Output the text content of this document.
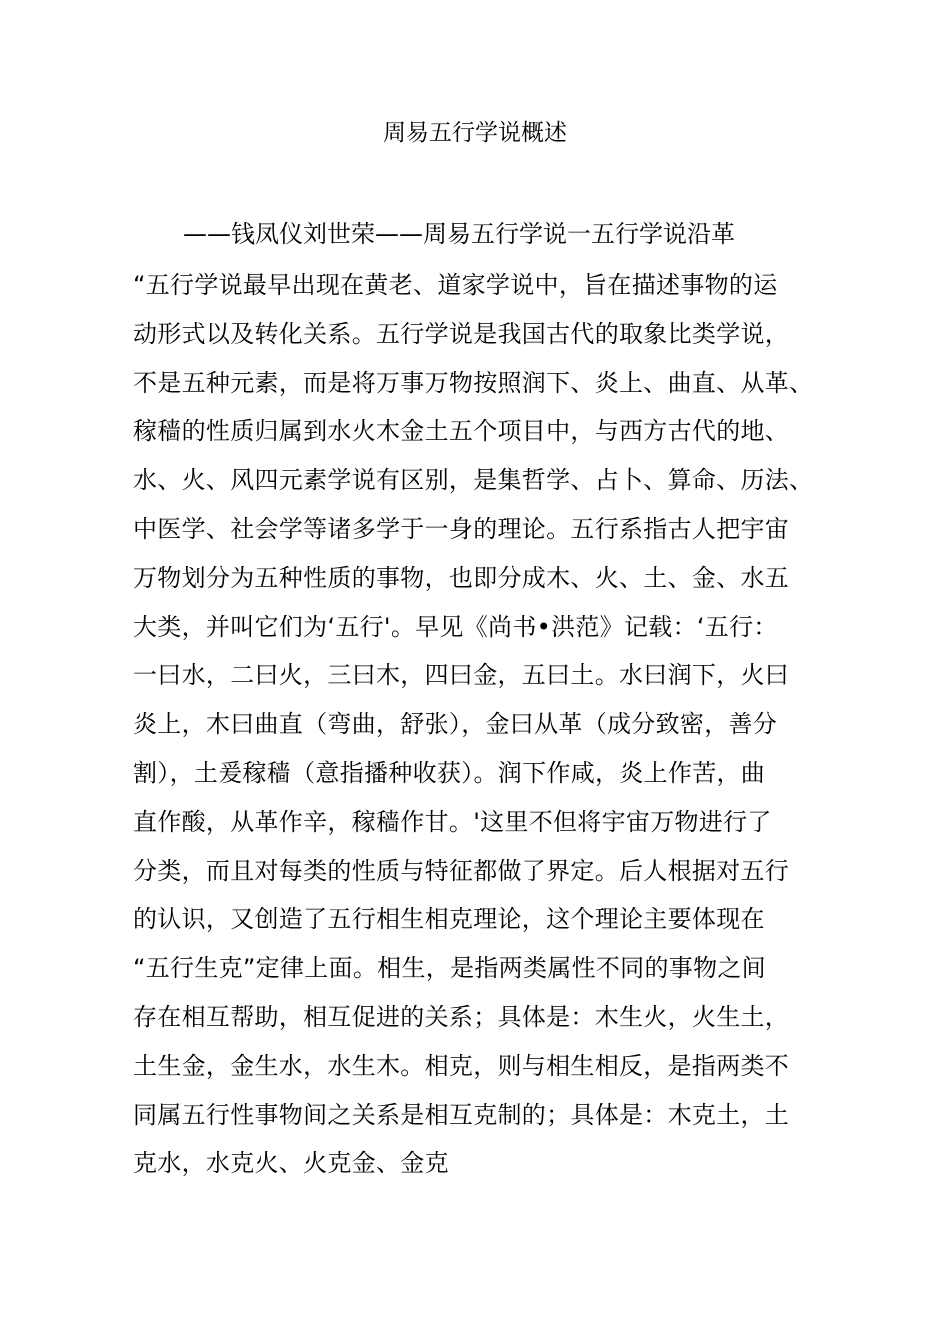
周易五行学说概述
——钱凤仪刘世荣——周易五行学说一五行学说沿革
“五行学说最早出现在黄老、道家学说中，旨在描述事物的运
动形式以及转化关系。五行学说是我国古代的取象比类学说，
不是五种元素，而是将万事万物按照润下、炎上、曲直、从革、
稼穑的性质归属到水火木金土五个项目中，与西方古代的地、
水、火、风四元素学说有区别，是集哲学、占卜、算命、历法、
中医学、社会学等诸多学于一身的理论。五行系指古人把宇宙
万物划分为五种性质的事物，也即分成木、火、土、金、水五
大类，并叫它们为‘五行'。早见《尚书•洪范》记载：‘五行：
一曰水，二曰火，三曰木，四曰金，五曰土。水曰润下，火曰
炎上，木曰曲直（弯曲，舒张），金曰从革（成分致密，善分
割），土爰稼穑（意指播种收获）。润下作咸，炎上作苦，曲
直作酸，从革作辛，稼穑作甘。'这里不但将宇宙万物进行了
分类，而且对每类的性质与特征都做了界定。后人根据对五行
的认识，又创造了五行相生相克理论，这个理论主要体现在
“五行生克”定律上面。相生，是指两类属性不同的事物之间
存在相互帮助，相互促进的关系；具体是：木生火，火生土，
土生金，金生水，水生木。相克，则与相生相反，是指两类不
同属五行性事物间之关系是相互克制的；具体是：木克土，土
克水，水克火、火克金、金克
